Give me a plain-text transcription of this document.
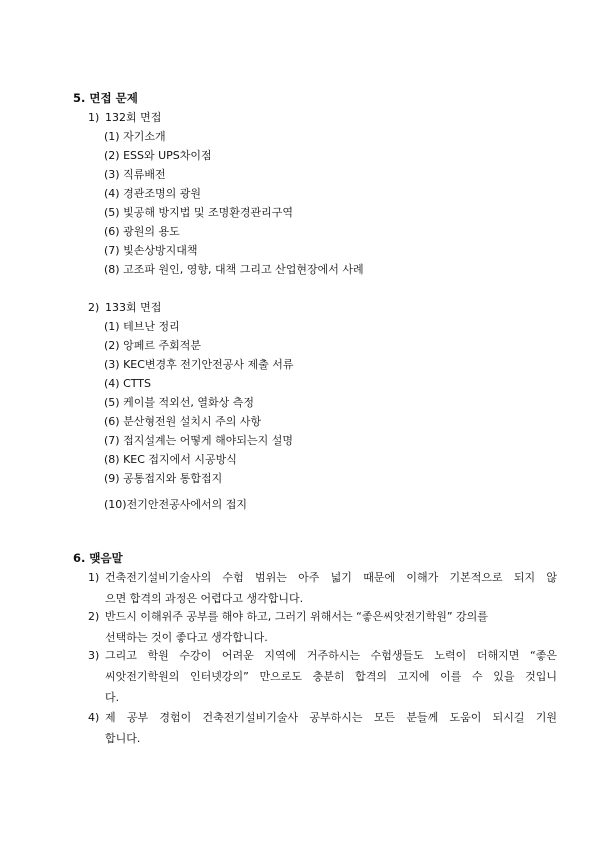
5. 면접 문제
1) 132회 면접
(1) 자기소개
(2) ESS와 UPS차이점
(3) 직류배전
(4) 경관조명의 광원
(5) 빛공해 방지법 및 조명환경관리구역
(6) 광원의 용도
(7) 빛손상방지대책
(8) 고조파 원인, 영향, 대책 그리고 산업현장에서 사례
2) 133회 면접
(1) 테브난 정리
(2) 앙페르 주회적분
(3) KEC변경후 전기안전공사 제출 서류
(4) CTTS
(5) 케이블 적외선, 열화상 측정
(6) 분산형전원 설치시 주의 사항
(7) 접지설계는 어떻게 해야되는지 설명
(8) KEC 접지에서 시공방식
(9) 공통접지와 통합접지
(10)전기안전공사에서의 접지
6. 맺음말
1) 건축전기설비기술사의 수험 범위는 아주 넓기 때문에 이해가 기본적으로 되지 않
으면 합격의 과정은 어렵다고 생각합니다.
2) 반드시 이해위주 공부를 해야 하고, 그러기 위해서는 “좋은씨앗전기학원” 강의를
선택하는 것이 좋다고 생각합니다.
3) 그리고 학원 수강이 어려운 지역에 거주하시는 수험생들도 노력이 더해지면 “좋은
씨앗전기학원의 인터넷강의” 만으로도 충분히 합격의 고지에 이를 수 있을 것입니
다.
4) 제 공부 경험이 건축전기설비기술사 공부하시는 모든 분들께 도움이 되시길 기원
합니다.
